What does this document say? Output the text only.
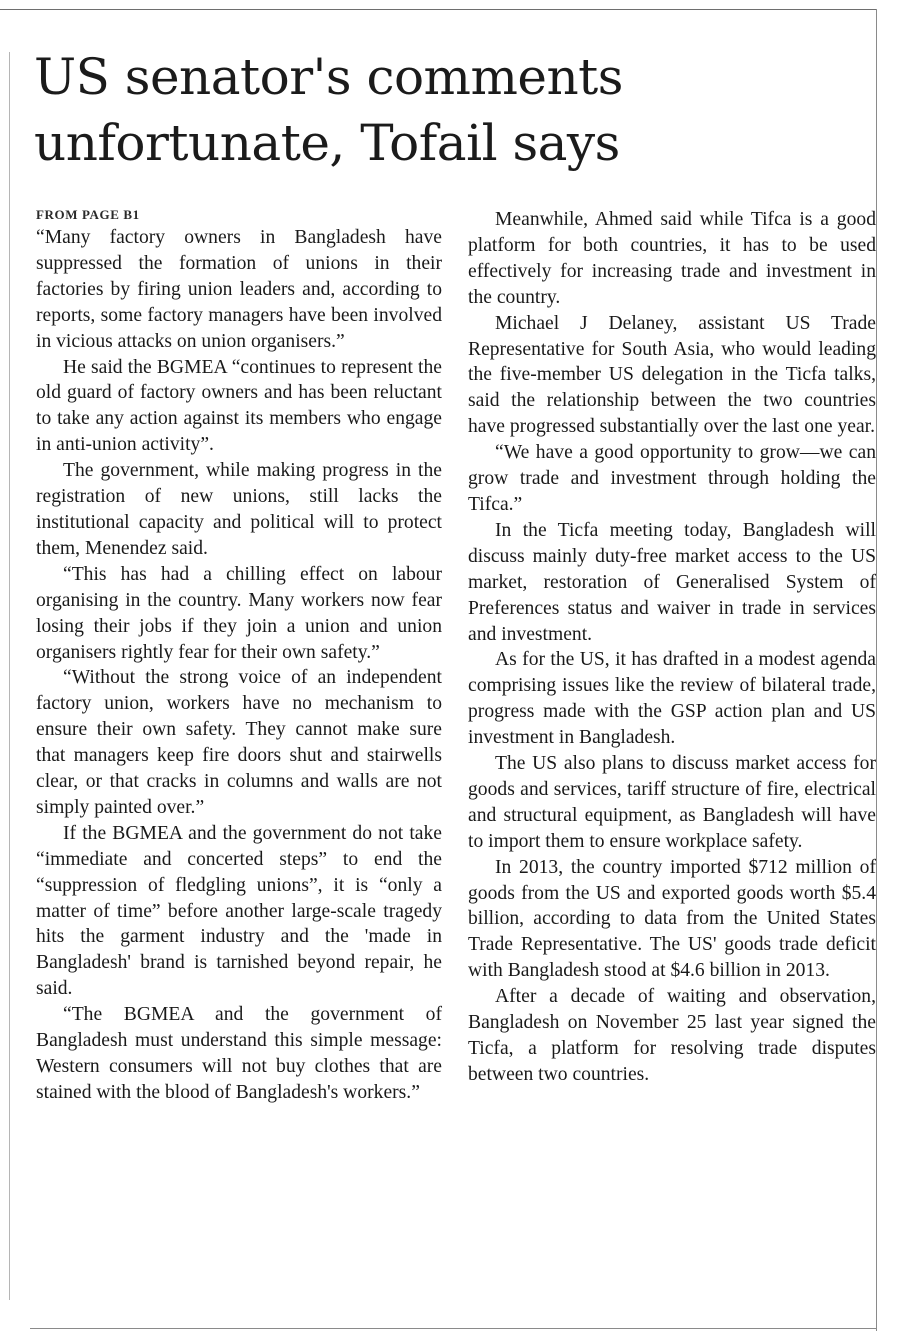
US senator's comments
unfortunate, Tofail says
FROM PAGE B1

“Many factory owners in Bangladesh have suppressed the formation of unions in their factories by firing union leaders and, according to reports, some factory managers have been involved in vicious attacks on union organisers.”

He said the BGMEA “continues to represent the old guard of factory owners and has been reluctant to take any action against its members who engage in anti-union activity”.

The government, while making progress in the registration of new unions, still lacks the institutional capacity and political will to protect them, Menendez said.

“This has had a chilling effect on labour organising in the country. Many workers now fear losing their jobs if they join a union and union organisers rightly fear for their own safety.”

“Without the strong voice of an independent factory union, workers have no mechanism to ensure their own safety. They cannot make sure that managers keep fire doors shut and stairwells clear, or that cracks in columns and walls are not simply painted over.”

If the BGMEA and the government do not take “immediate and concerted steps” to end the “suppression of fledgling unions”, it is “only a matter of time” before another large-scale tragedy hits the garment industry and the 'made in Bangladesh' brand is tarnished beyond repair, he said.

“The BGMEA and the government of Bangladesh must understand this simple message: Western consumers will not buy clothes that are stained with the blood of Bangladesh's workers.”

Meanwhile, Ahmed said while Tifca is a good platform for both countries, it has to be used effectively for increasing trade and investment in the country.

Michael J Delaney, assistant US Trade Representative for South Asia, who would leading the five-member US delegation in the Ticfa talks, said the relationship between the two countries have progressed substantially over the last one year.

“We have a good opportunity to grow—we can grow trade and investment through holding the Tifca.”

In the Ticfa meeting today, Bangladesh will discuss mainly duty-free market access to the US market, restoration of Generalised System of Preferences status and waiver in trade in services and investment.

As for the US, it has drafted in a modest agenda comprising issues like the review of bilateral trade, progress made with the GSP action plan and US investment in Bangladesh.

The US also plans to discuss market access for goods and services, tariff structure of fire, electrical and structural equipment, as Bangladesh will have to import them to ensure workplace safety.

In 2013, the country imported $712 million of goods from the US and exported goods worth $5.4 billion, according to data from the United States Trade Representative. The US' goods trade deficit with Bangladesh stood at $4.6 billion in 2013.

After a decade of waiting and observation, Bangladesh on November 25 last year signed the Ticfa, a platform for resolving trade disputes between two countries.
